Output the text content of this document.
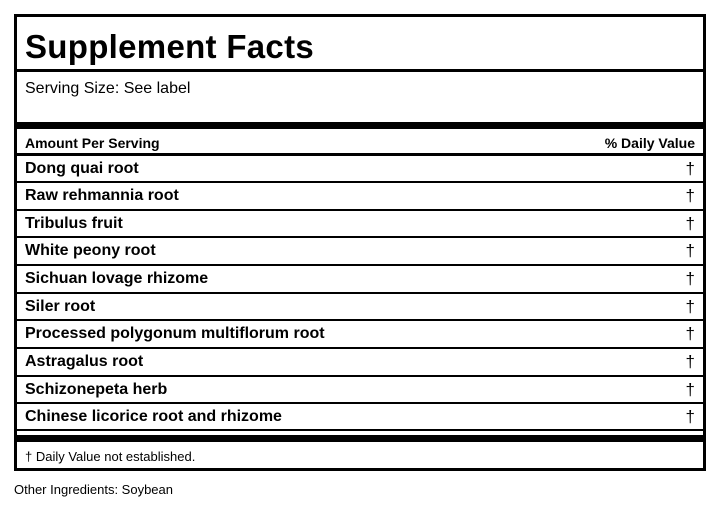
Supplement Facts
Serving Size: See label
Amount Per Serving	% Daily Value
Dong quai root	†
Raw rehmannia root	†
Tribulus fruit	†
White peony root	†
Sichuan lovage rhizome	†
Siler root	†
Processed polygonum multiflorum root	†
Astragalus root	†
Schizonepeta herb	†
Chinese licorice root and rhizome	†
† Daily Value not established.
Other Ingredients: Soybean
